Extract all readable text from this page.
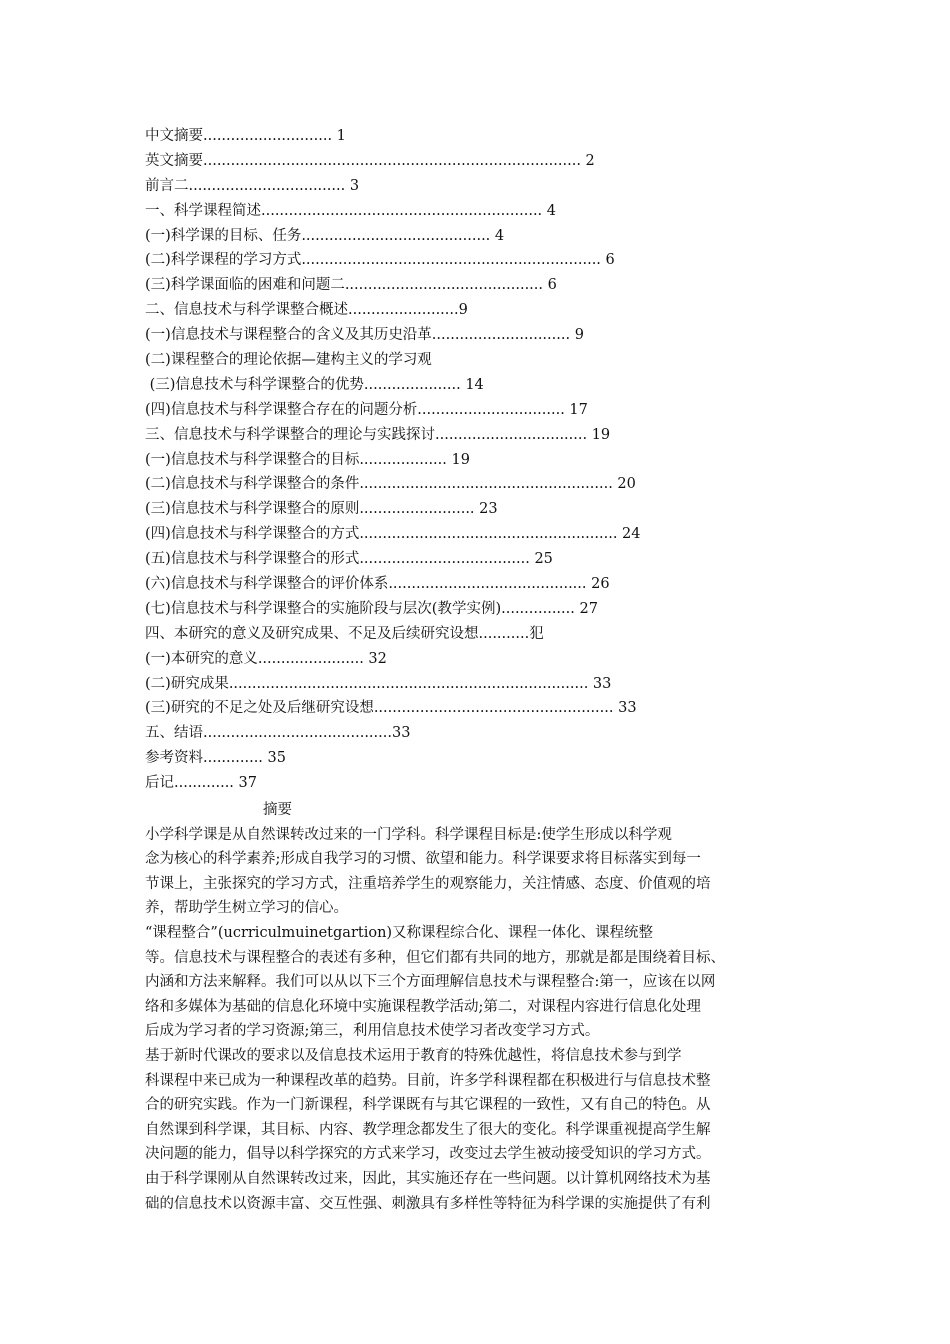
中文摘要............................ 1
英文摘要.................................................................................. 2
前言二.................................. 3
一、科学课程简述............................................................. 4
(一)科学课的目标、任务......................................... 4
(二)科学课程的学习方式................................................................. 6
(三)科学课面临的困难和问题二........................................... 6
二、信息技术与科学课整合概述........................9
(一)信息技术与课程整合的含义及其历史沿革.............................. 9
(二)课程整合的理论依据—建构主义的学习观
(三)信息技术与科学课整合的优势..................... 14
(四)信息技术与科学课整合存在的问题分析................................ 17
三、信息技术与科学课整合的理论与实践探讨................................. 19
(一)信息技术与科学课整合的目标................... 19
(二)信息技术与科学课整合的条件....................................................... 20
(三)信息技术与科学课整合的原则......................... 23
(四)信息技术与科学课整合的方式........................................................ 24
(五)信息技术与科学课整合的形式..................................... 25
(六)信息技术与科学课整合的评价体系........................................... 26
(七)信息技术与科学课整合的实施阶段与层次(教学实例)................ 27
四、本研究的意义及研究成果、不足及后续研究设想...........犯
(一)本研究的意义....................... 32
(二)研究成果.............................................................................. 33
(三)研究的不足之处及后继研究设想.................................................... 33
五、结语.........................................33
参考资料............. 35
后记............. 37
摘要
小学科学课是从自然课转改过来的一门学科。科学课程目标是:使学生形成以科学观
念为核心的科学素养;形成自我学习的习惯、欲望和能力。科学课要求将目标落实到每一
节课上，主张探究的学习方式，注重培养学生的观察能力，关注情感、态度、价值观的培
养，帮助学生树立学习的信心。
“课程整合”(ucrriculmuinetgartion)又称课程综合化、课程一体化、课程统整
等。信息技术与课程整合的表述有多种，但它们都有共同的地方，那就是都是围绕着目标、
内涵和方法来解释。我们可以从以下三个方面理解信息技术与课程整合:第一，应该在以网
络和多媒体为基础的信息化环境中实施课程教学活动;第二，对课程内容进行信息化处理
后成为学习者的学习资源;第三，利用信息技术使学习者改变学习方式。
基于新时代课改的要求以及信息技术运用于教育的特殊优越性，将信息技术参与到学
科课程中来已成为一种课程改革的趋势。目前，许多学科课程都在积极进行与信息技术整
合的研究实践。作为一门新课程，科学课既有与其它课程的一致性，又有自己的特色。从
自然课到科学课，其目标、内容、教学理念都发生了很大的变化。科学课重视提高学生解
决问题的能力，倡导以科学探究的方式来学习，改变过去学生被动接受知识的学习方式。
由于科学课刚从自然课转改过来，因此，其实施还存在一些问题。以计算机网络技术为基
础的信息技术以资源丰富、交互性强、刺激具有多样性等特征为科学课的实施提供了有利
